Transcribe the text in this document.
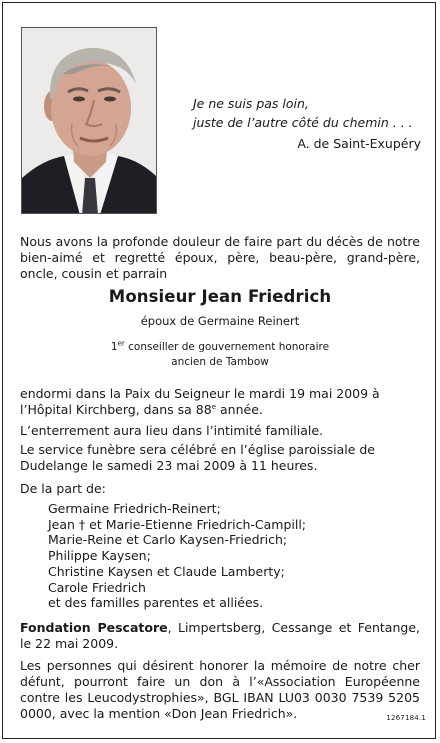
Je ne suis pas loin,
juste de l’autre côté du chemin . . .
A. de Saint-Exupéry
Nous avons la profonde douleur de faire part du décès de notre bien-aimé et regretté époux, père, beau-père, grand-père, oncle, cousin et parrain
Monsieur Jean Friedrich
époux de Germaine Reinert
1er conseiller de gouvernement honoraire
ancien de Tambow
endormi dans la Paix du Seigneur le mardi 19 mai 2009 à l’Hôpital Kirchberg, dans sa 88e année.
L’enterrement aura lieu dans l’intimité familiale.
Le service funèbre sera célébré en l’église paroissiale de Dudelange le samedi 23 mai 2009 à 11 heures.
De la part de:
Germaine Friedrich-Reinert;
Jean † et Marie-Etienne Friedrich-Campill;
Marie-Reine et Carlo Kaysen-Friedrich;
Philippe Kaysen;
Christine Kaysen et Claude Lamberty;
Carole Friedrich
et des familles parentes et alliées.
Fondation Pescatore, Limpertsberg, Cessange et Fentange, le 22 mai 2009.
Les personnes qui désirent honorer la mémoire de notre cher défunt, pourront faire un don à l’«Association Européenne contre les Leucodystrophies», BGL IBAN LU03 0030 7539 5205 0000, avec la mention «Don Jean Friedrich».	1267184.1
